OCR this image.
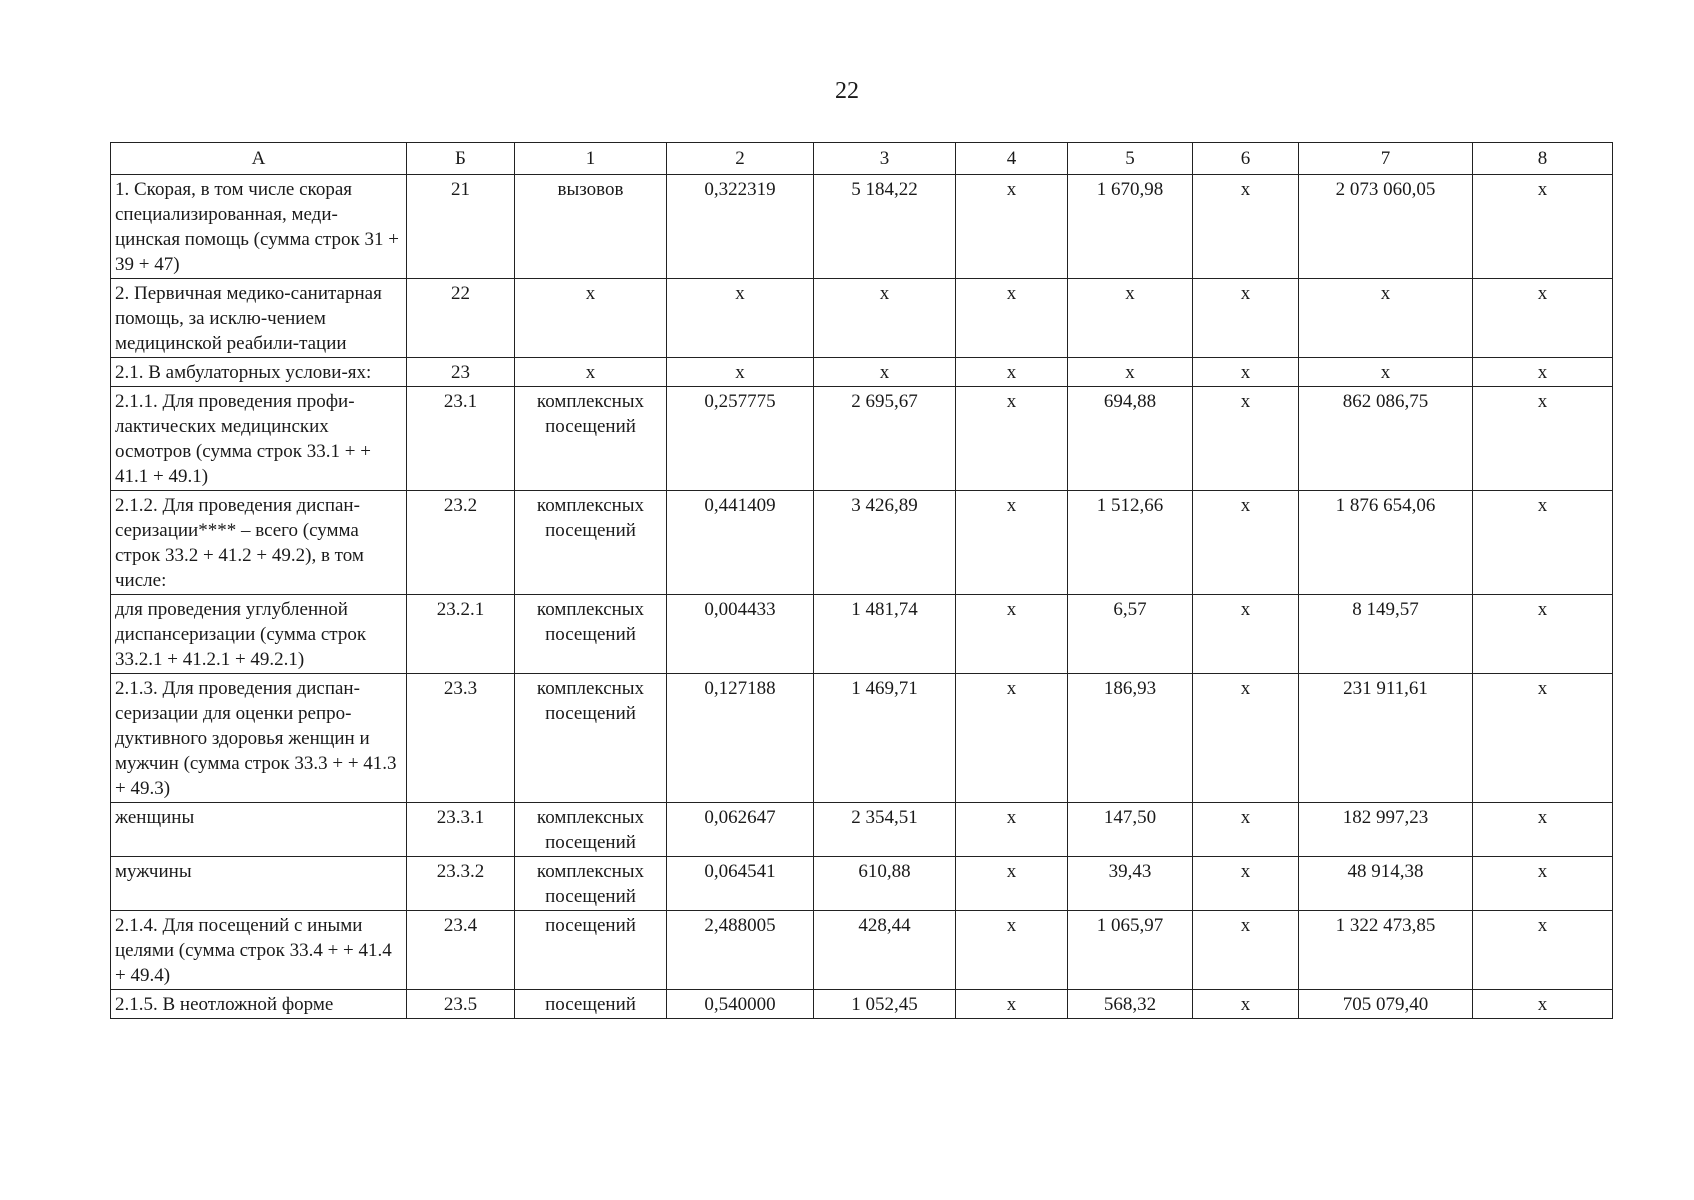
22
А	Б	1	2	3	4	5	6	7	8
1. Скорая, в том числе скорая специализированная, меди-цинская помощь (сумма строк 31 + 39 + 47)	21	вызовов	0,322319	5 184,22	х	1 670,98	х	2 073 060,05	х
2. Первичная медико-санитарная помощь, за исклю-чением медицинской реабили-тации	22	х	х	х	х	х	х	х	х
2.1. В амбулаторных услови-ях:	23	х	х	х	х	х	х	х	х
2.1.1. Для проведения профи-лактических медицинских осмотров (сумма строк 33.1 + + 41.1 + 49.1)	23.1	комплексных посещений	0,257775	2 695,67	х	694,88	х	862 086,75	х
2.1.2. Для проведения диспан-серизации**** – всего (сумма строк 33.2 + 41.2 + 49.2), в том числе:	23.2	комплексных посещений	0,441409	3 426,89	х	1 512,66	х	1 876 654,06	х
для проведения углубленной диспансеризации (сумма строк 33.2.1 + 41.2.1 + 49.2.1)	23.2.1	комплексных посещений	0,004433	1 481,74	х	6,57	х	8 149,57	х
2.1.3. Для проведения диспан-серизации для оценки репро-дуктивного здоровья женщин и мужчин (сумма строк 33.3 + + 41.3 + 49.3)	23.3	комплексных посещений	0,127188	1 469,71	х	186,93	х	231 911,61	х
женщины	23.3.1	комплексных посещений	0,062647	2 354,51	х	147,50	х	182 997,23	х
мужчины	23.3.2	комплексных посещений	0,064541	610,88	х	39,43	х	48 914,38	х
2.1.4. Для посещений с иными целями (сумма строк 33.4 + + 41.4 + 49.4)	23.4	посещений	2,488005	428,44	х	1 065,97	х	1 322 473,85	х
2.1.5. В неотложной форме	23.5	посещений	0,540000	1 052,45	х	568,32	х	705 079,40	х
